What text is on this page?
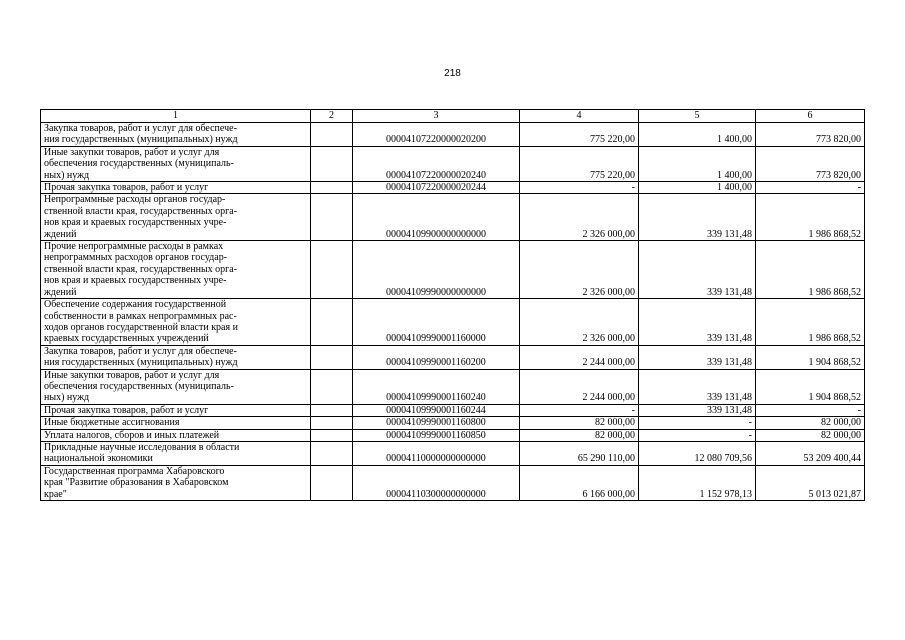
218
1	2	3	4	5	6
Закупка товаров, работ и услуг для обеспече-
ния государственных (муниципальных) нужд		00004107220000020200	775 220,00	1 400,00	773 820,00
Иные закупки товаров, работ и услуг для
обеспечения государственных (муниципаль-
ных) нужд		00004107220000020240	775 220,00	1 400,00	773 820,00
Прочая закупка товаров, работ и услуг		00004107220000020244	-	1 400,00	-
Непрограммные расходы органов государ-
ственной власти края, государственных орга-
нов края и краевых государственных учре-
ждений		00004109900000000000	2 326 000,00	339 131,48	1 986 868,52
Прочие непрограммные расходы в рамках
непрограммных расходов органов государ-
ственной власти края, государственных орга-
нов края и краевых государственных учре-
ждений		00004109990000000000	2 326 000,00	339 131,48	1 986 868,52
Обеспечение содержания государственной
собственности в рамках непрограммных рас-
ходов органов государственной власти края и
краевых государственных учреждений		00004109990001160000	2 326 000,00	339 131,48	1 986 868,52
Закупка товаров, работ и услуг для обеспече-
ния государственных (муниципальных) нужд		00004109990001160200	2 244 000,00	339 131,48	1 904 868,52
Иные закупки товаров, работ и услуг для
обеспечения государственных (муниципаль-
ных) нужд		00004109990001160240	2 244 000,00	339 131,48	1 904 868,52
Прочая закупка товаров, работ и услуг		00004109990001160244	-	339 131,48	-
Иные бюджетные ассигнования		00004109990001160800	82 000,00	-	82 000,00
Уплата налогов, сборов и иных платежей		00004109990001160850	82 000,00	-	82 000,00
Прикладные научные исследования в области
национальной экономики		00004110000000000000	65 290 110,00	12 080 709,56	53 209 400,44
Государственная программа Хабаровского
края "Развитие образования в Хабаровском
крае"		00004110300000000000	6 166 000,00	1 152 978,13	5 013 021,87
